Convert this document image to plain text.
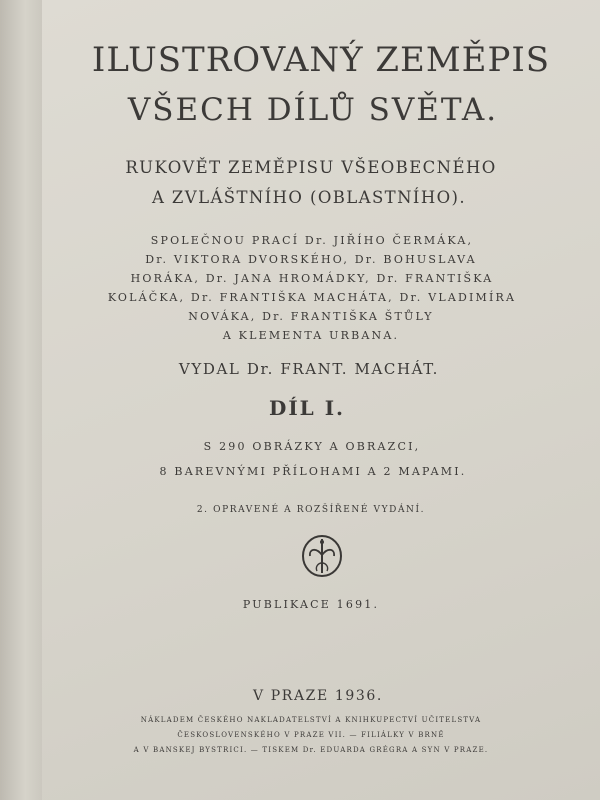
ILUSTROVANÝ ZEMĚPIS
VŠECH DÍLŮ SVĚTA.
RUKOVĚT ZEMĚPISU VŠEOBECNÉHO
A ZVLÁŠTNÍHO (OBLASTNÍHO).
SPOLEČNOU PRACÍ Dr. JIŘÍHO ČERMÁKA,
Dr. VIKTORA DVORSKÉHO, Dr. BOHUSLAVA
HORÁKA, Dr. JANA HROMÁDKY, Dr. FRANTIŠKA
KOLÁČKA, Dr. FRANTIŠKA MACHÁTA, Dr. VLADIMÍRA
NOVÁKA, Dr. FRANTIŠKA ŠTŮLY
A KLEMENTA URBANA.
VYDAL Dr. FRANT. MACHÁT.
DÍL I.
S 290 OBRÁZKY A OBRAZCI,
8 BAREVNÝMI PŘÍLOHAMI A 2 MAPAMI.
2. OPRAVENÉ A ROZŠÍŘENÉ VYDÁNÍ.
PUBLIKACE 1691.
V PRAZE 1936.
NÁKLADEM ČESKÉHO NAKLADATELSTVÍ A KNIHKUPECTVÍ UČITELSTVA
ČESKOSLOVENSKÉHO V PRAZE VII. — FILIÁLKY V BRNĚ
A V BANSKEJ BYSTRICI. — TISKEM Dr. EDUARDA GRÉGRA A SYN V PRAZE.
